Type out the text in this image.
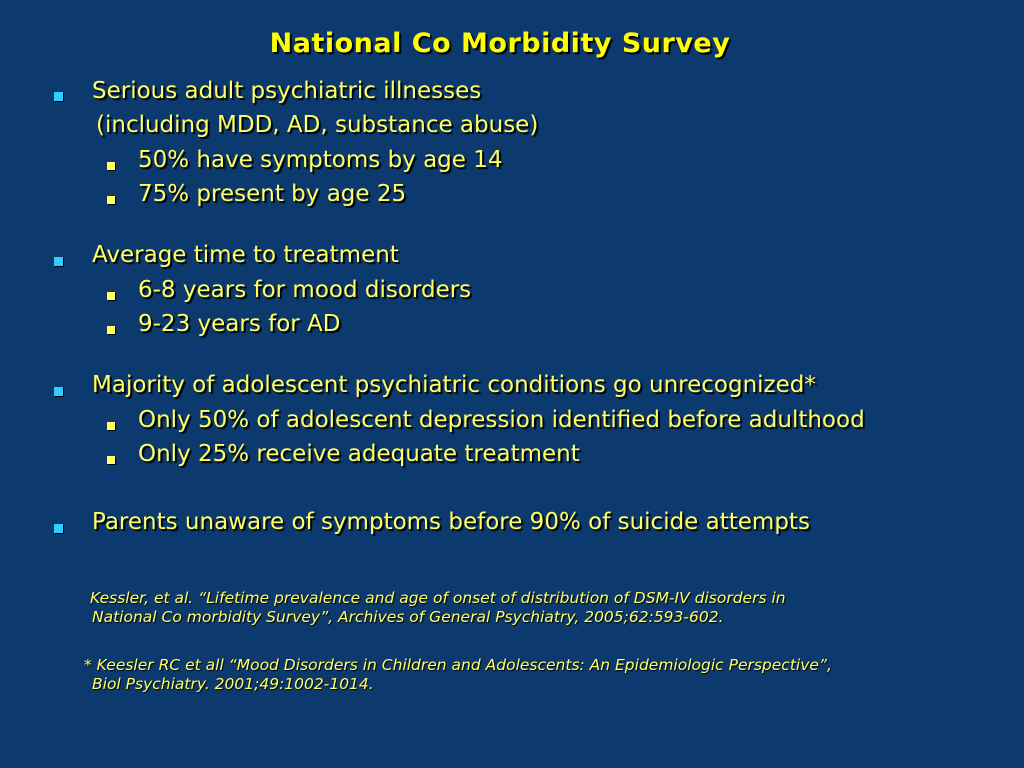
National Co Morbidity Survey
Serious adult psychiatric illnesses
(including MDD, AD, substance abuse)
50% have symptoms by age 14
75% present by age 25
Average time to treatment
6-8 years for mood disorders
9-23 years for AD
Majority of adolescent psychiatric conditions go unrecognized*
Only 50% of adolescent depression identified before adulthood
Only 25% receive adequate treatment
Parents unaware of symptoms before 90% of suicide attempts
Kessler, et al. “Lifetime prevalence and age of onset of distribution of DSM-IV disorders in
National Co morbidity Survey”, Archives of General Psychiatry, 2005;62:593-602.
* Keesler RC et all “Mood Disorders in Children and Adolescents: An Epidemiologic Perspective”,
Biol Psychiatry. 2001;49:1002-1014.
